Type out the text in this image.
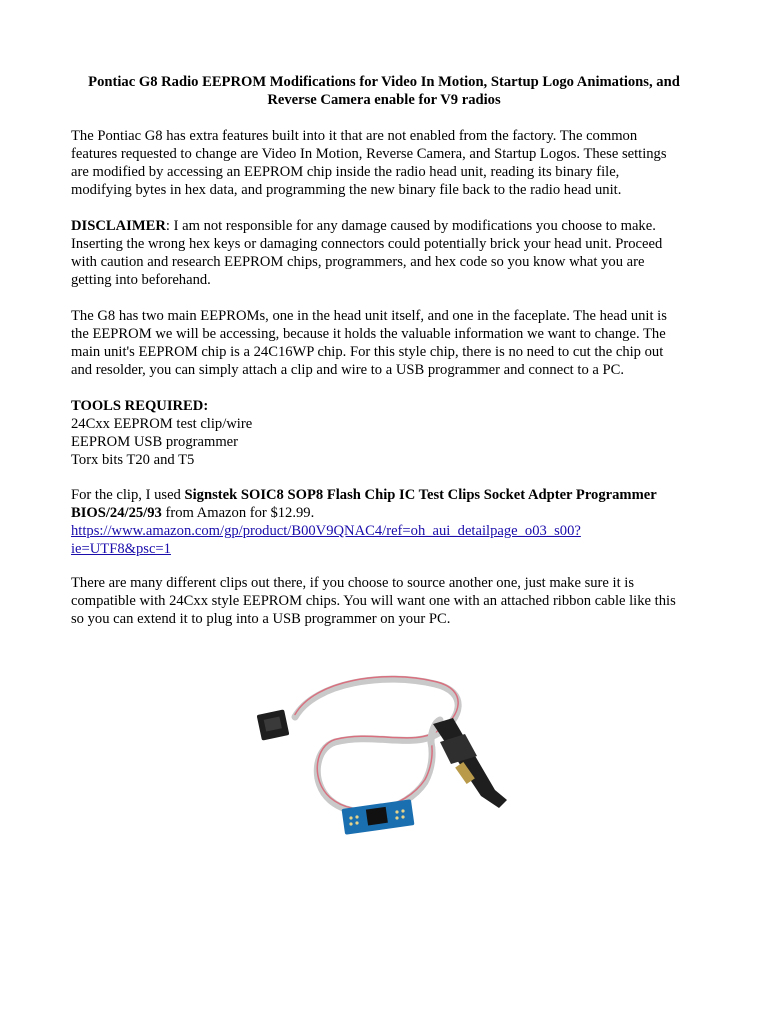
Pontiac G8 Radio EEPROM Modifications for Video In Motion, Startup Logo Animations, and
Reverse Camera enable for V9 radios

The Pontiac G8 has extra features built into it that are not enabled from the factory. The common
features requested to change are Video In Motion, Reverse Camera, and Startup Logos. These settings
are modified by accessing an EEPROM chip inside the radio head unit, reading its binary file,
modifying bytes in hex data, and programming the new binary file back to the radio head unit.

DISCLAIMER: I am not responsible for any damage caused by modifications you choose to make.
Inserting the wrong hex keys or damaging connectors could potentially brick your head unit. Proceed
with caution and research EEPROM chips, programmers, and hex code so you know what you are
getting into beforehand.

The G8 has two main EEPROMs, one in the head unit itself, and one in the faceplate. The head unit is
the EEPROM we will be accessing, because it holds the valuable information we want to change. The
main unit's EEPROM chip is a 24C16WP chip. For this style chip, there is no need to cut the chip out
and resolder, you can simply attach a clip and wire to a USB programmer and connect to a PC.

TOOLS REQUIRED:
24Cxx EEPROM test clip/wire
EEPROM USB programmer
Torx bits T20 and T5

For the clip, I used Signstek SOIC8 SOP8 Flash Chip IC Test Clips Socket Adpter Programmer
BIOS/24/25/93 from Amazon for $12.99.
https://www.amazon.com/gp/product/B00V9QNAC4/ref=oh_aui_detailpage_o03_s00?
ie=UTF8&psc=1

There are many different clips out there, if you choose to source another one, just make sure it is
compatible with 24Cxx style EEPROM chips. You will want one with an attached ribbon cable like this
so you can extend it to plug into a USB programmer on your PC.
